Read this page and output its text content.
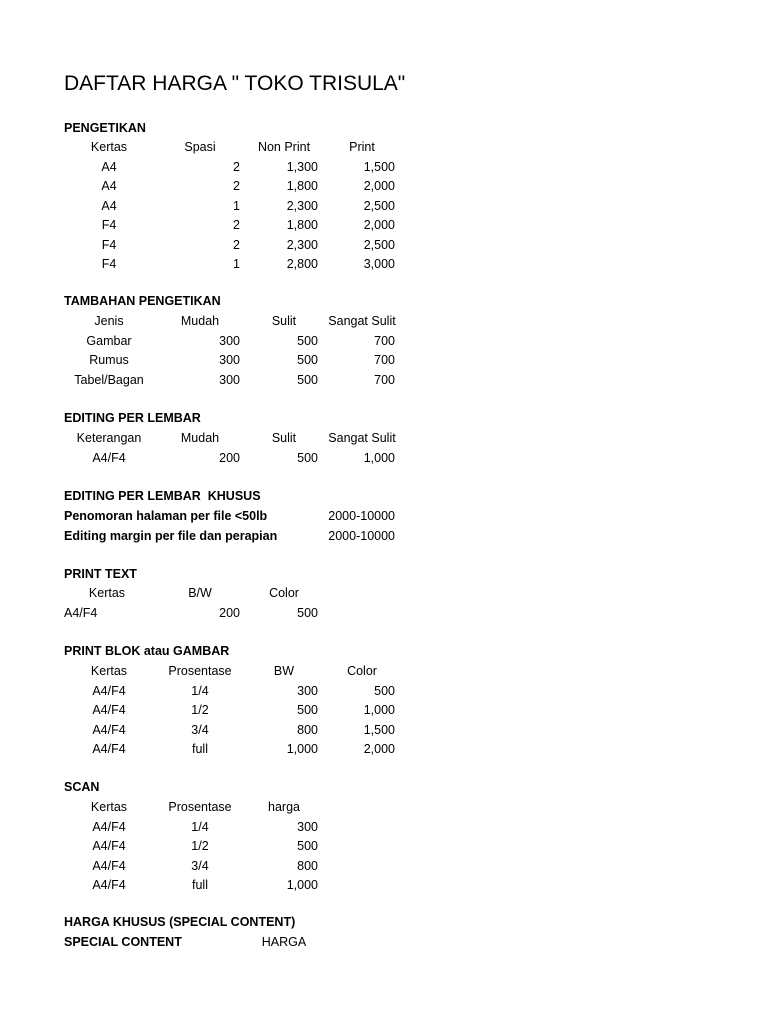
DAFTAR HARGA " TOKO TRISULA"
PENGETIKAN
Kertas	Spasi	Non Print	Print
A4	2	1,300	1,500
A4	2	1,800	2,000
A4	1	2,300	2,500
F4	2	1,800	2,000
F4	2	2,300	2,500
F4	1	2,800	3,000
TAMBAHAN PENGETIKAN
Jenis	Mudah	Sulit	Sangat Sulit
Gambar	300	500	700
Rumus	300	500	700
Tabel/Bagan	300	500	700
EDITING PER LEMBAR
Keterangan	Mudah	Sulit	Sangat Sulit
A4/F4	200	500	1,000
EDITING PER LEMBAR  KHUSUS
Penomoran halaman per file <50lb	2000-10000
Editing margin per file dan perapian	2000-10000
PRINT TEXT
Kertas	B/W	Color
A4/F4	200	500
PRINT BLOK atau GAMBAR
Kertas	Prosentase	BW	Color
A4/F4	1/4	300	500
A4/F4	1/2	500	1,000
A4/F4	3/4	800	1,500
A4/F4	full	1,000	2,000
SCAN
Kertas	Prosentase	harga
A4/F4	1/4	300
A4/F4	1/2	500
A4/F4	3/4	800
A4/F4	full	1,000
HARGA KHUSUS (SPECIAL CONTENT)
SPECIAL CONTENT	HARGA
